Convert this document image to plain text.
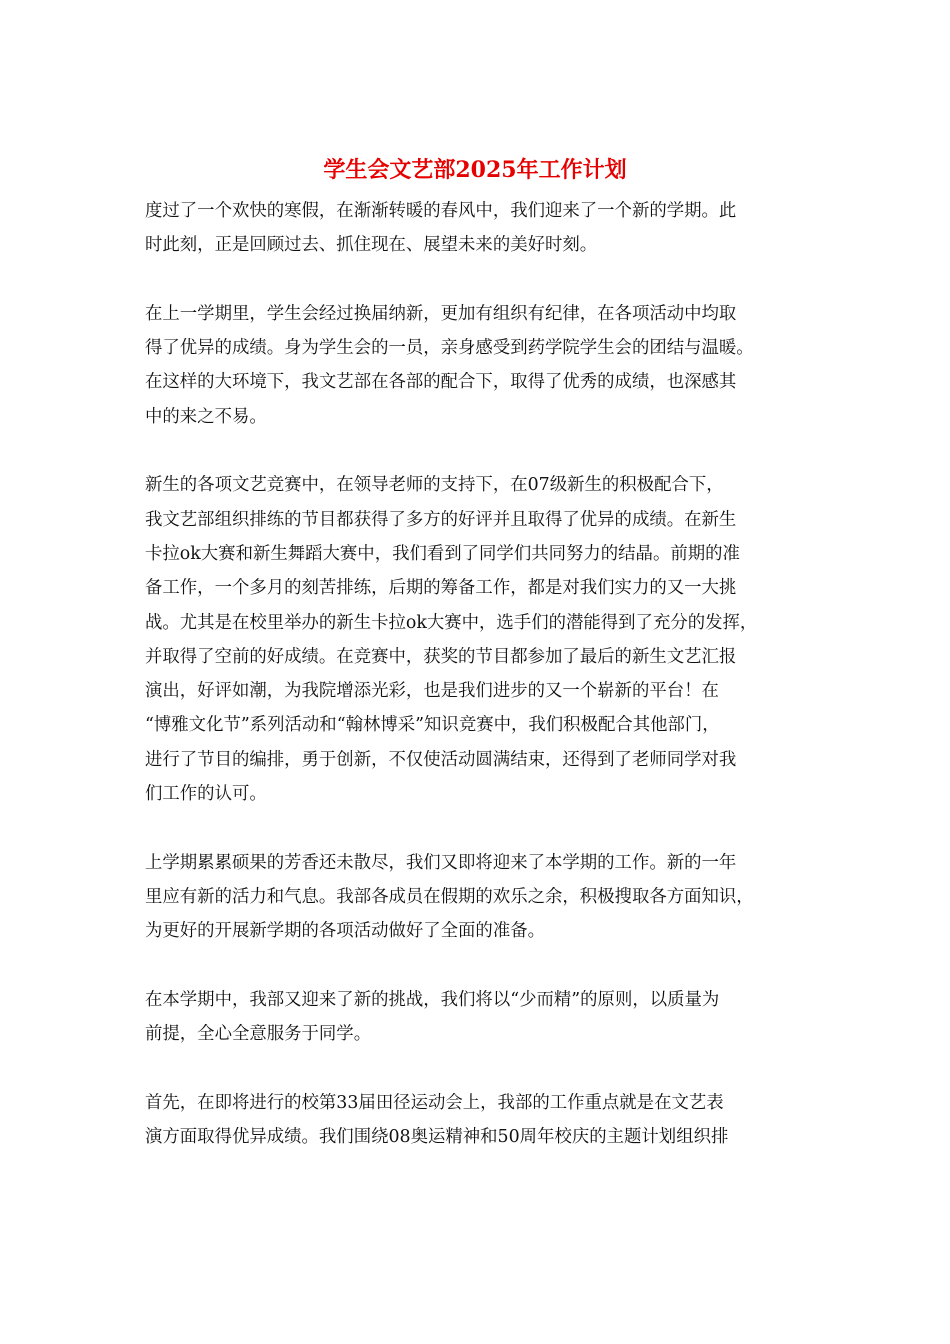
学生会文艺部2025年工作计划

度过了一个欢快的寒假，在渐渐转暖的春风中，我们迎来了一个新的学期。此
时此刻，正是回顾过去、抓住现在、展望未来的美好时刻。

在上一学期里，学生会经过换届纳新，更加有组织有纪律，在各项活动中均取
得了优异的成绩。身为学生会的一员，亲身感受到药学院学生会的团结与温暖。
在这样的大环境下，我文艺部在各部的配合下，取得了优秀的成绩，也深感其
中的来之不易。

新生的各项文艺竞赛中，在领导老师的支持下，在07级新生的积极配合下，
我文艺部组织排练的节目都获得了多方的好评并且取得了优异的成绩。在新生
卡拉ok大赛和新生舞蹈大赛中，我们看到了同学们共同努力的结晶。前期的准
备工作，一个多月的刻苦排练，后期的筹备工作，都是对我们实力的又一大挑
战。尤其是在校里举办的新生卡拉ok大赛中，选手们的潜能得到了充分的发挥，
并取得了空前的好成绩。在竞赛中，获奖的节目都参加了最后的新生文艺汇报
演出，好评如潮，为我院增添光彩，也是我们进步的又一个崭新的平台！在
“博雅文化节”系列活动和“翰林博采”知识竞赛中，我们积极配合其他部门，
进行了节目的编排，勇于创新，不仅使活动圆满结束，还得到了老师同学对我
们工作的认可。

上学期累累硕果的芳香还未散尽，我们又即将迎来了本学期的工作。新的一年
里应有新的活力和气息。我部各成员在假期的欢乐之余，积极搜取各方面知识，
为更好的开展新学期的各项活动做好了全面的准备。

在本学期中，我部又迎来了新的挑战，我们将以“少而精”的原则，以质量为
前提，全心全意服务于同学。

首先，在即将进行的校第33届田径运动会上，我部的工作重点就是在文艺表
演方面取得优异成绩。我们围绕08奥运精神和50周年校庆的主题计划组织排
